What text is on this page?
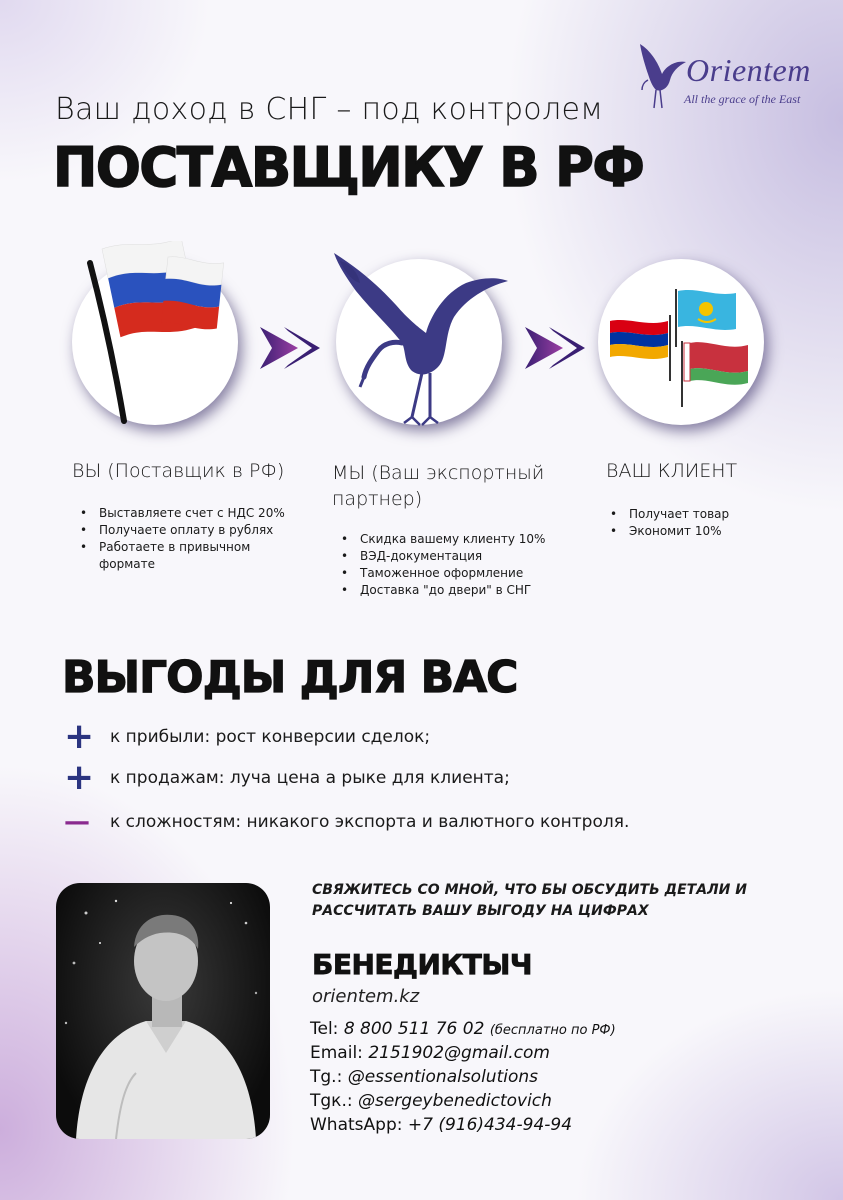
Orientem
All the grace of the East
Ваш доход в СНГ – под контролем
ПОСТАВЩИКУ В РФ
ВЫ (Поставщик в РФ)	МЫ (Ваш экспортный партнер)
ВАШ КЛИЕНТ
• Выставляете счет с НДС 20%
• Получаете оплату в рублях
• Работаете в привычном формате
• Скидка вашему клиенту 10%
• ВЭД-документация
• Таможенное оформление
• Доставка "до двери" в СНГ
• Получает товар
• Экономит 10%
ВЫГОДЫ ДЛЯ ВАС
+ к прибыли: рост конверсии сделок;
+ к продажам: луча цена а рыке для клиента;
— к сложностям: никакого экспорта и валютного контроля.
СВЯЖИТЕСЬ СО МНОЙ, ЧТО БЫ ОБСУДИТЬ ДЕТАЛИ И РАССЧИТАТЬ ВАШУ ВЫГОДУ НА ЦИФРАХ
БЕНЕДИКТЫЧ
orientem.kz
Tel: 8 800 511 76 02 (бесплатно по РФ)
Email: 2151902@gmail.com
Tg.: @essentionalsolutions
Tgк.: @sergeybenedictovich
WhatsApp: +7 (916)434-94-94
